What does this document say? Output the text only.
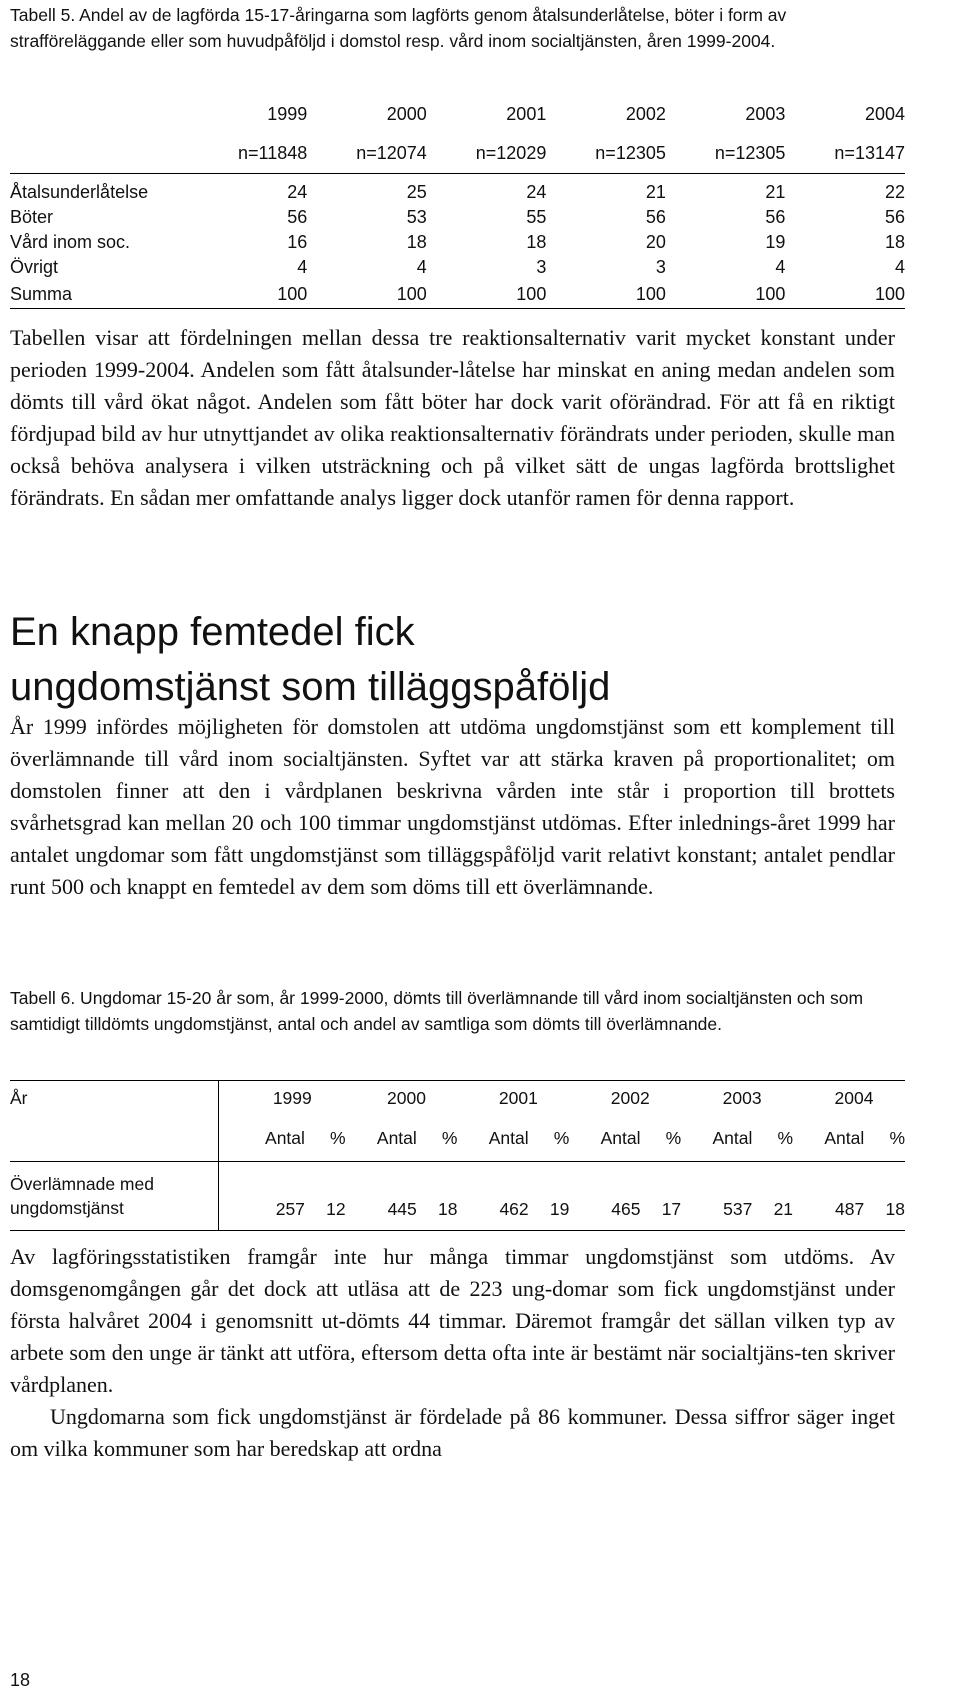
Tabell 5. Andel av de lagförda 15-17-åringarna som lagförts genom åtalsunderlåtelse, böter i form av strafföreläggande eller som huvudpåföljd i domstol resp. vård inom socialtjänsten, åren 1999-2004.
	1999	2000	2001	2002	2003	2004
	n=11848	n=12074	n=12029	n=12305	n=12305	n=13147

Åtalsunderlåtelse	24	25	24	21	21	22
Böter	56	53	55	56	56	56
Vård inom soc.	16	18	18	20	19	18
Övrigt	4	4	3	3	4	4
Summa	100	100	100	100	100	100

Tabellen visar att fördelningen mellan dessa tre reaktionsalternativ varit mycket konstant under perioden 1999-2004. Andelen som fått åtalsunder-låtelse har minskat en aning medan andelen som dömts till vård ökat något. Andelen som fått böter har dock varit oförändrad. För att få en riktigt fördjupad bild av hur utnyttjandet av olika reaktionsalternativ förändrats under perioden, skulle man också behöva analysera i vilken utsträckning och på vilket sätt de ungas lagförda brottslighet förändrats. En sådan mer omfattande analys ligger dock utanför ramen för denna rapport.

En knapp femtedel fick ungdomstjänst som tilläggspåföljd

År 1999 infördes möjligheten för domstolen att utdöma ungdomstjänst som ett komplement till överlämnande till vård inom socialtjänsten. Syftet var att stärka kraven på proportionalitet; om domstolen finner att den i vårdplanen beskrivna vården inte står i proportion till brottets svårhetsgrad kan mellan 20 och 100 timmar ungdomstjänst utdömas. Efter inlednings-året 1999 har antalet ungdomar som fått ungdomstjänst som tilläggspåföljd varit relativt konstant; antalet pendlar runt 500 och knappt en femtedel av dem som döms till ett överlämnande.

Tabell 6. Ungdomar 15-20 år som, år 1999-2000, dömts till överlämnande till vård inom socialtjänsten och som samtidigt tilldömts ungdomstjänst, antal och andel av samtliga som dömts till överlämnande.
År	1999		2000		2001		2002		2003		2004	
	Antal	%	Antal	%	Antal	%	Antal	%	Antal	%	Antal	%
Överlämnade med
ungdomstjänst	257	12	445	18	462	19	465	17	537	21	487	18

Av lagföringsstatistiken framgår inte hur många timmar ungdomstjänst som utdöms. Av domsgenomgången går det dock att utläsa att de 223 ung-domar som fick ungdomstjänst under första halvåret 2004 i genomsnitt ut-dömts 44 timmar. Däremot framgår det sällan vilken typ av arbete som den unge är tänkt att utföra, eftersom detta ofta inte är bestämt när socialtjäns-ten skriver vårdplanen.

Ungdomarna som fick ungdomstjänst är fördelade på 86 kommuner. Dessa siffror säger inget om vilka kommuner som har beredskap att ordna

18
